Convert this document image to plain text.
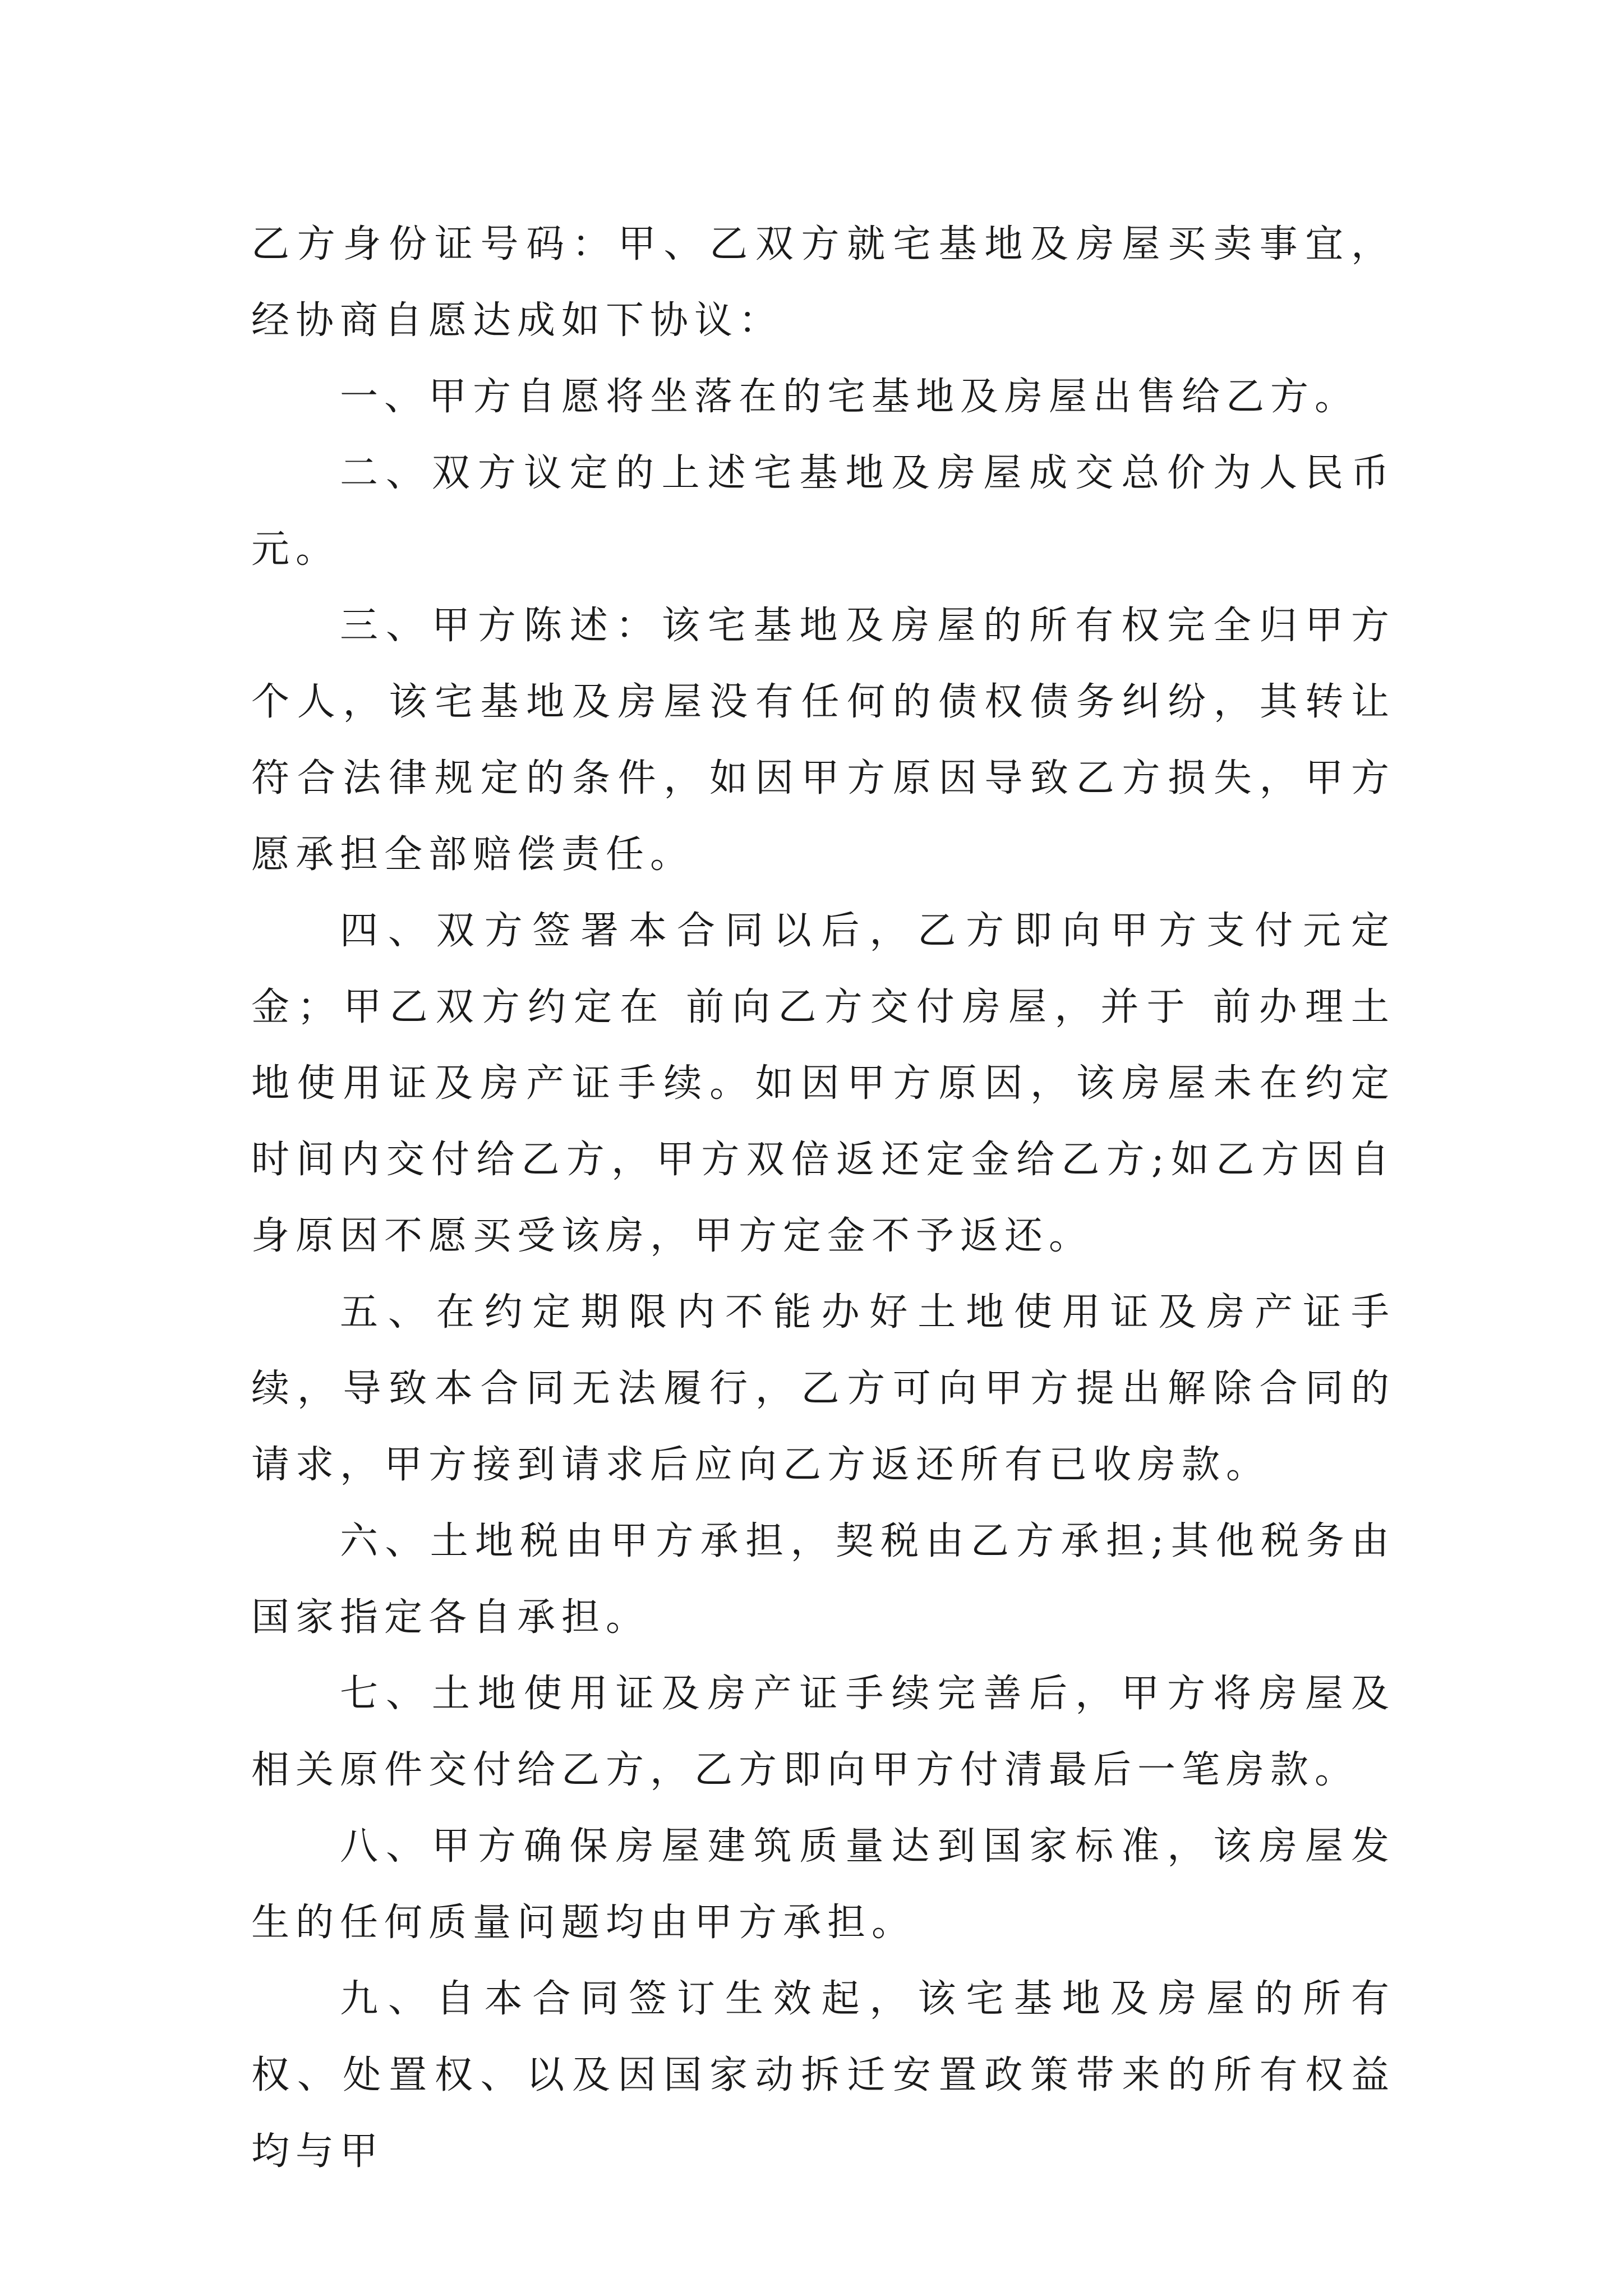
乙方身份证号码：甲、乙双方就宅基地及房屋买卖事宜，经协商自愿达成如下协议：

一、甲方自愿将坐落在的宅基地及房屋出售给乙方。

二、双方议定的上述宅基地及房屋成交总价为人民币元。

三、甲方陈述：该宅基地及房屋的所有权完全归甲方个人，该宅基地及房屋没有任何的债权债务纠纷，其转让符合法律规定的条件，如因甲方原因导致乙方损失，甲方愿承担全部赔偿责任。

四、双方签署本合同以后，乙方即向甲方支付元定金；甲乙双方约定在 前向乙方交付房屋，并于 前办理土地使用证及房产证手续。如因甲方原因，该房屋未在约定时间内交付给乙方，甲方双倍返还定金给乙方;如乙方因自身原因不愿买受该房，甲方定金不予返还。

五、在约定期限内不能办好土地使用证及房产证手续，导致本合同无法履行，乙方可向甲方提出解除合同的请求，甲方接到请求后应向乙方返还所有已收房款。

六、土地税由甲方承担，契税由乙方承担;其他税务由国家指定各自承担。

七、土地使用证及房产证手续完善后，甲方将房屋及相关原件交付给乙方，乙方即向甲方付清最后一笔房款。

八、甲方确保房屋建筑质量达到国家标准，该房屋发生的任何质量问题均由甲方承担。

九、自本合同签订生效起，该宅基地及房屋的所有权、处置权、以及因国家动拆迁安置政策带来的所有权益均与甲
